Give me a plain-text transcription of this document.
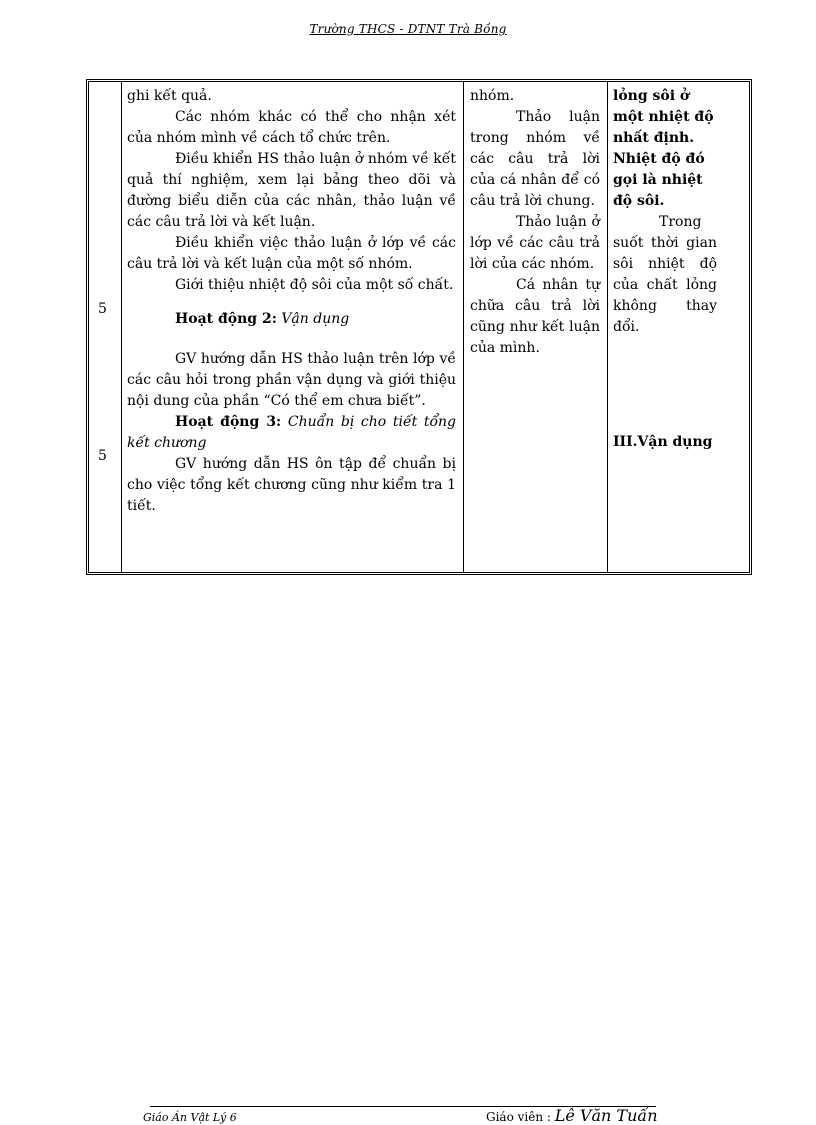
Trường THCS - DTNT Trà Bồng
5
5

ghi kết quả.

Các nhóm khác có thể cho nhận xét của nhóm mình về cách tổ chức trên.

Điều khiển HS thảo luận ở nhóm về kết quả thí nghiệm, xem lại bảng theo dõi và đường biểu diễn của các nhân, thảo luận về các câu trả lời và kết luận.

Điều khiển việc thảo luận ở lớp về các câu trả lời và kết luận của một số nhóm.

Giới thiệu nhiệt độ sôi của một số chất.

Hoạt động 2: Vận dụng

GV hướng dẫn HS thảo luận trên lớp về các câu hỏi trong phần vận dụng và giới thiệu nội dung của phần “Có thể em chưa biết”.

Hoạt động 3: Chuẩn bị cho tiết tổng kết chương

GV hướng dẫn HS ôn tập để chuẩn bị cho việc tổng kết chương cũng như kiểm tra 1 tiết.

nhóm.

Thảo luận trong nhóm về các câu trả lời của cá nhân để có câu trả lời chung.

Thảo luận ở lớp về các câu trả lời của các nhóm.

Cá nhân tự chữa câu trả lời cũng như kết luận của mình.

lỏng sôi ở một nhiệt độ nhất định. Nhiệt độ đó gọi là nhiệt độ sôi.

Trong suốt thời gian sôi nhiệt độ của chất lỏng không thay đổi.

III.Vận dụng

Giáo Án Vật Lý 6	Giáo viên : Lê Văn Tuấn
